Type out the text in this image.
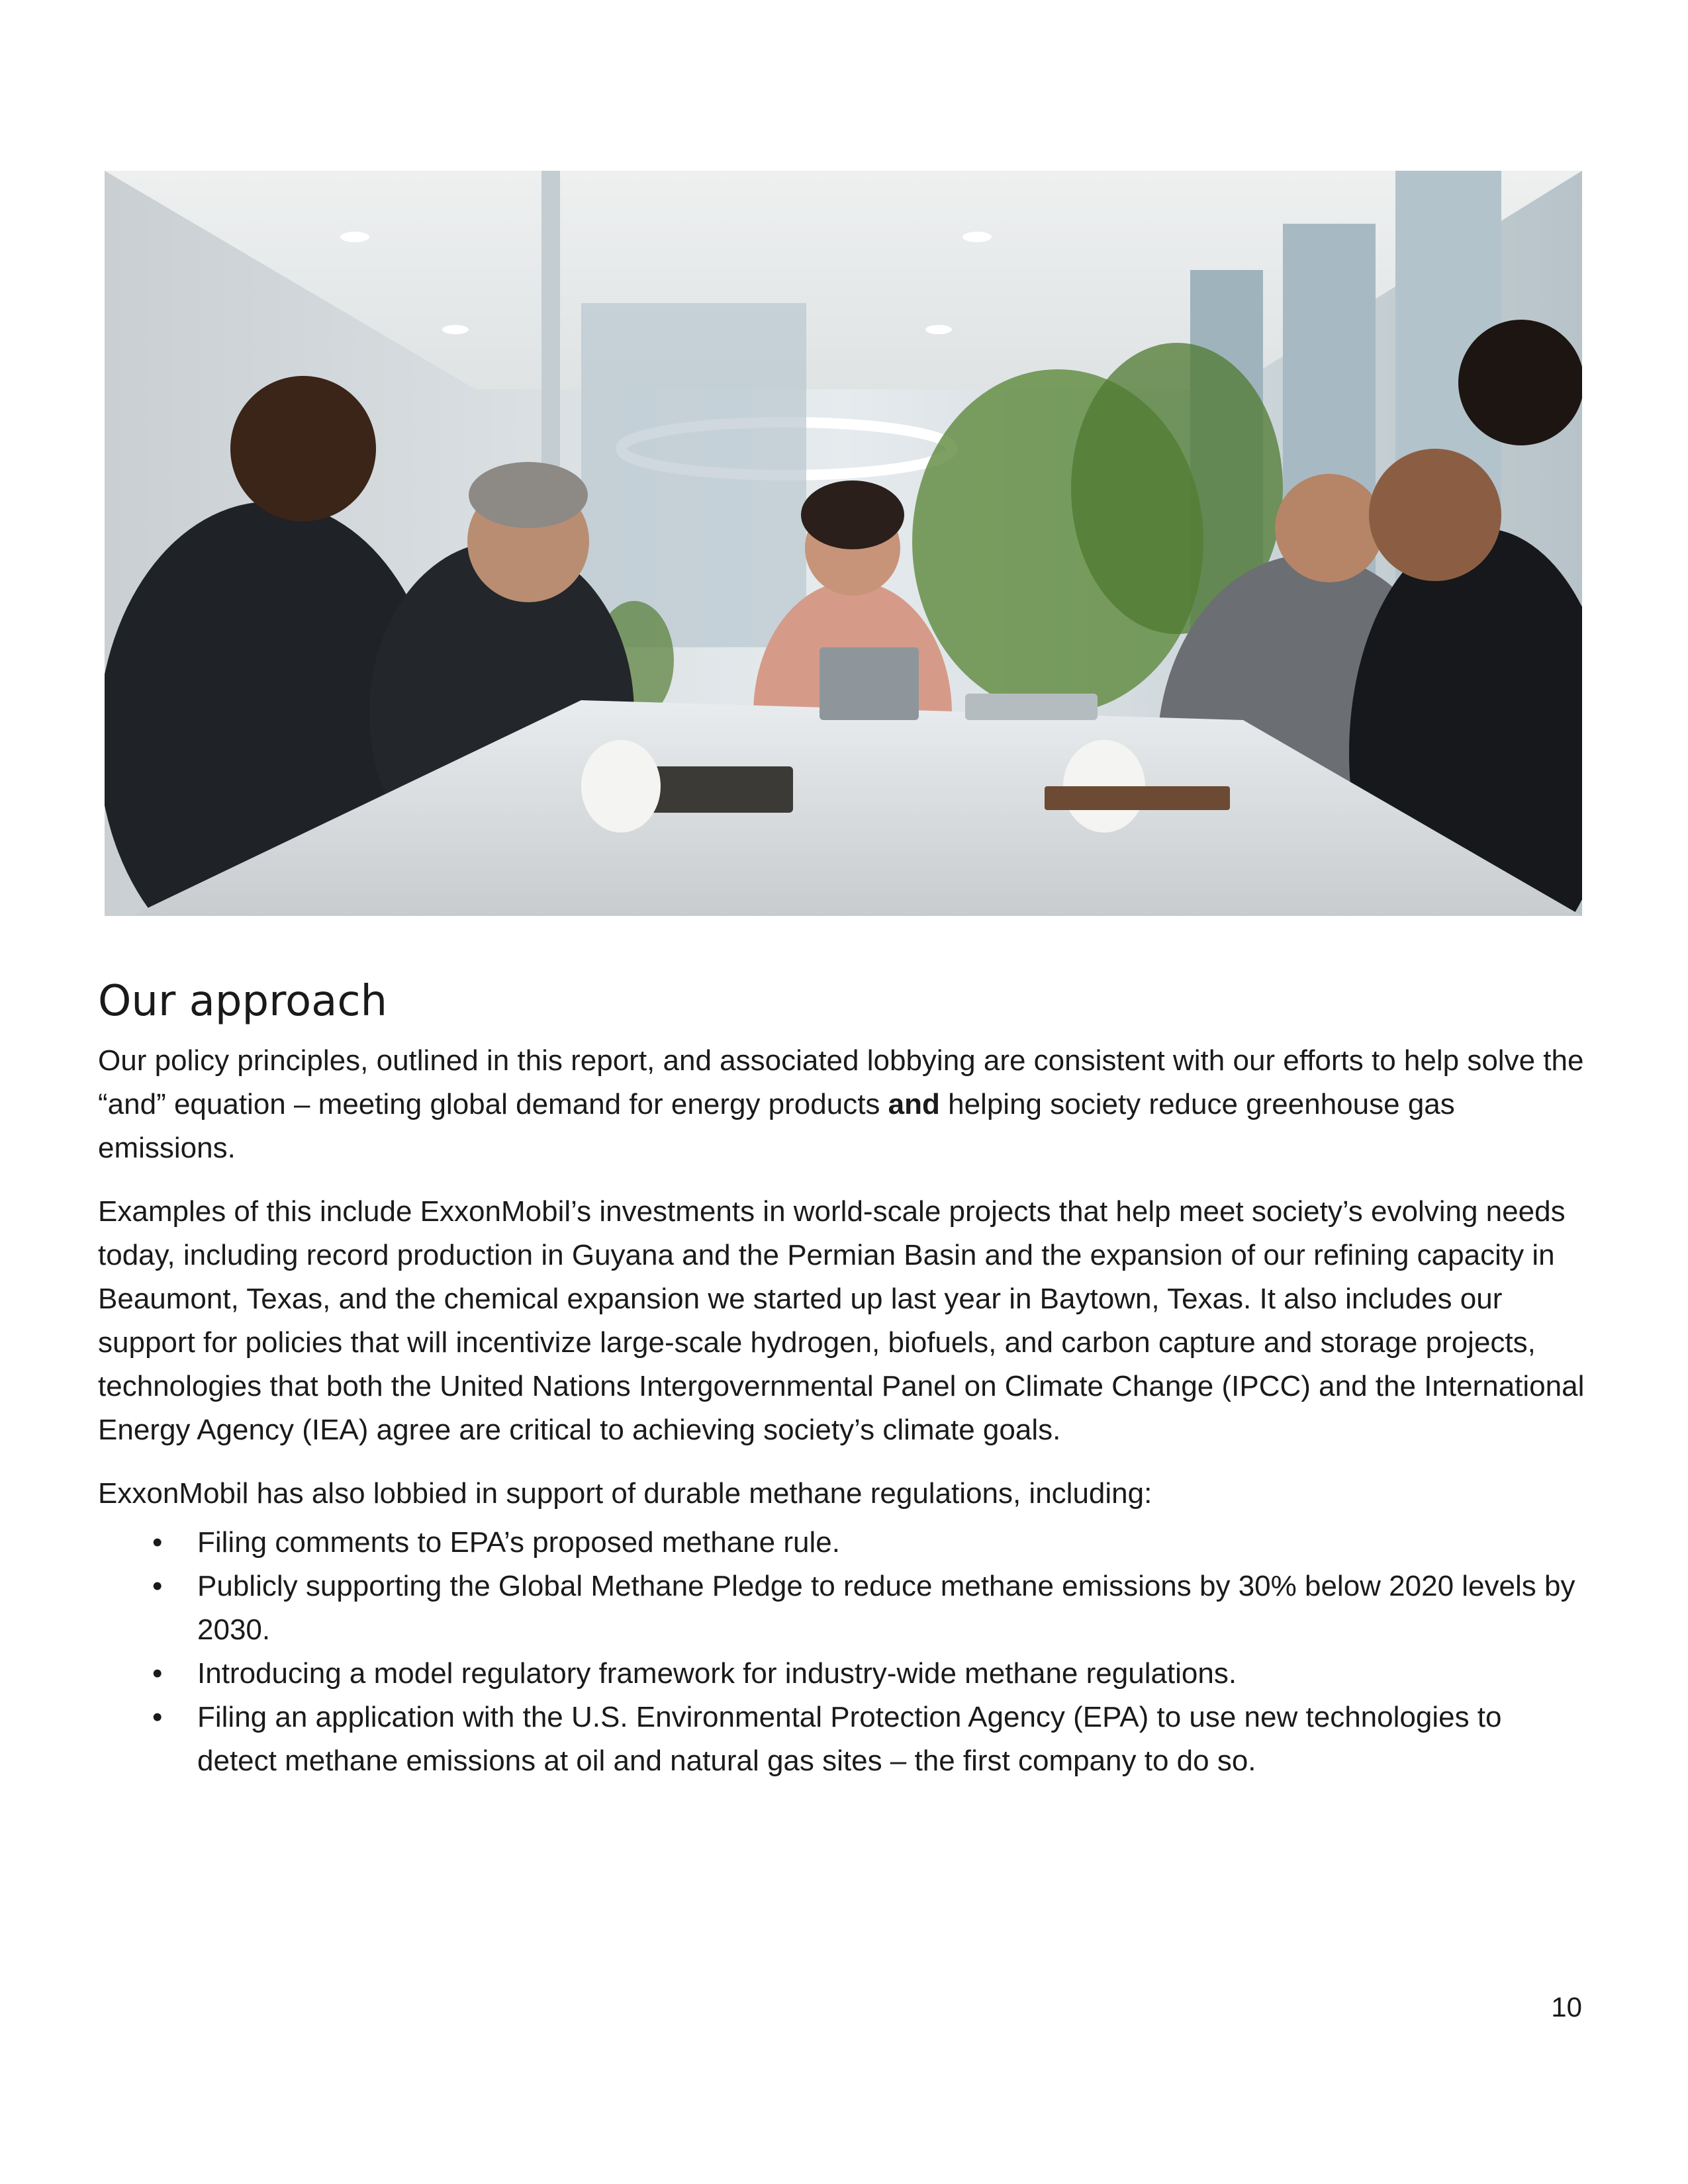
Our approach

Our policy principles, outlined in this report, and associated lobbying are consistent with our efforts to help solve the “and” equation – meeting global demand for energy products and helping society reduce greenhouse gas emissions.

Examples of this include ExxonMobil’s investments in world-scale projects that help meet society’s evolving needs today, including record production in Guyana and the Permian Basin and the expansion of our refining capacity in Beaumont, Texas, and the chemical expansion we started up last year in Baytown, Texas. It also includes our support for policies that will incentivize large-scale hydrogen, biofuels, and carbon capture and storage projects, technologies that both the United Nations Intergovernmental Panel on Climate Change (IPCC) and the International Energy Agency (IEA) agree are critical to achieving society’s climate goals.

ExxonMobil has also lobbied in support of durable methane regulations, including:

• Filing comments to EPA’s proposed methane rule.
• Publicly supporting the Global Methane Pledge to reduce methane emissions by 30% below 2020 levels by 2030.
• Introducing a model regulatory framework for industry-wide methane regulations.
• Filing an application with the U.S. Environmental Protection Agency (EPA) to use new technologies to detect methane emissions at oil and natural gas sites – the first company to do so.
10
